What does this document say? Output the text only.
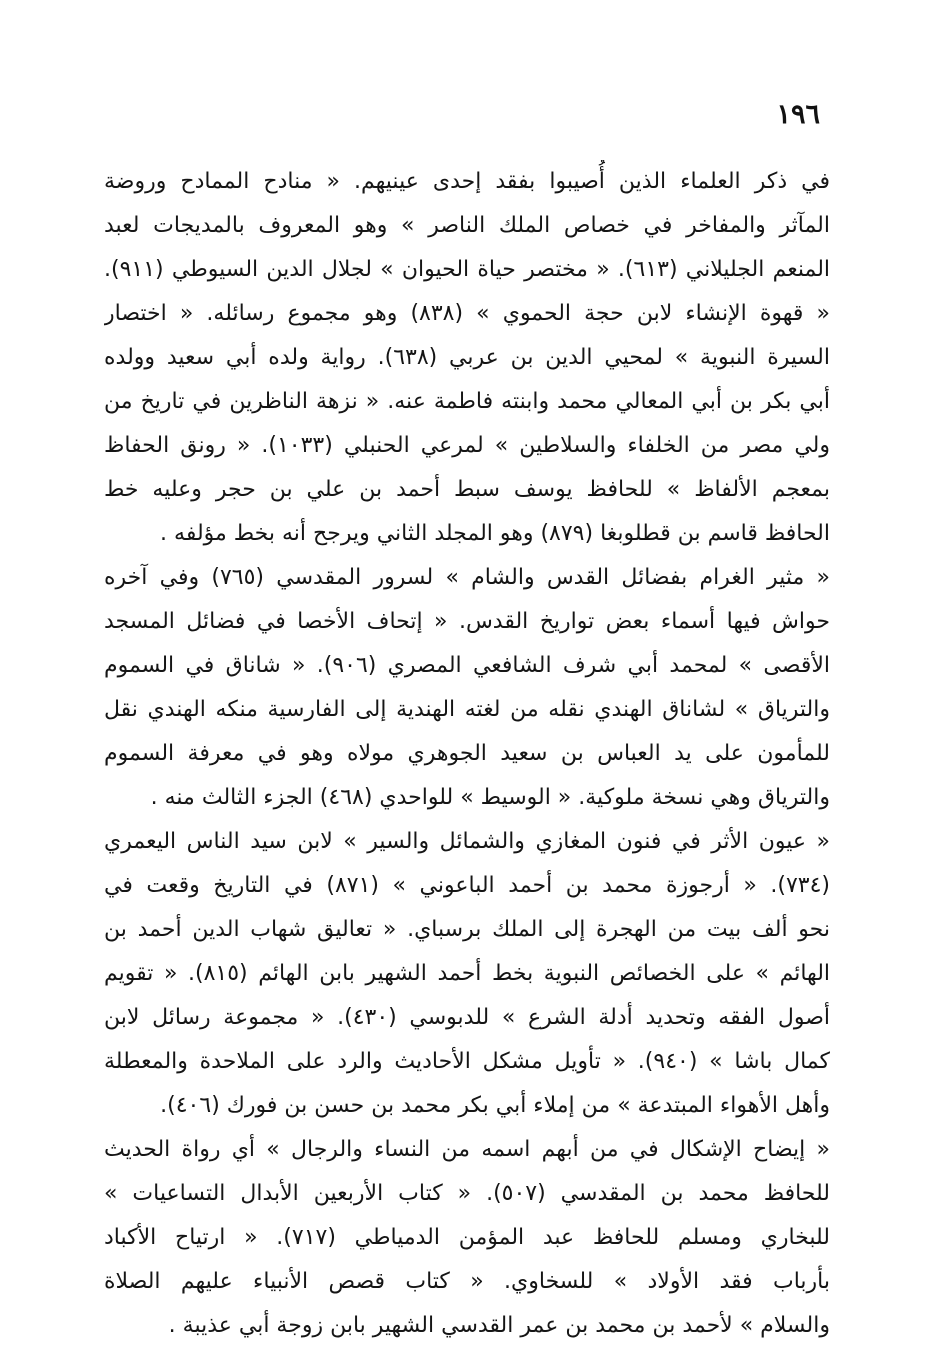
١٩٦
في ذكر العلماء الذين أُصيبوا بفقد إحدى عينيهم. « منادح الممادح وروضة
المآثر والمفاخر في خصاص الملك الناصر » وهو المعروف بالمديجات لعبد
المنعم الجليلاني (٦١٣). « مختصر حياة الحيوان » لجلال الدين السيوطي (٩١١).
« قهوة الإنشاء لابن حجة الحموي » (٨٣٨) وهو مجموع رسائله. « اختصار
السيرة النبوية » لمحيي الدين بن عربي (٦٣٨). رواية ولده أبي سعيد وولده
أبي بكر بن أبي المعالي محمد وابنته فاطمة عنه. « نزهة الناظرين في تاريخ من
ولي مصر من الخلفاء والسلاطين » لمرعي الحنبلي (١٠٣٣). « رونق الحفاظ
بمعجم الألفاظ » للحافظ يوسف سبط أحمد بن علي بن حجر وعليه خط
الحافظ قاسم بن قطلوبغا (٨٧٩) وهو المجلد الثاني ويرجح أنه بخط مؤلفه .
« مثير الغرام بفضائل القدس والشام » لسرور المقدسي (٧٦٥) وفي آخره
حواش فيها أسماء بعض تواريخ القدس. « إتحاف الأخصا في فضائل المسجد
الأقصى » لمحمد أبي شرف الشافعي المصري (٩٠٦). « شاناق في السموم
والترياق » لشاناق الهندي نقله من لغته الهندية إلى الفارسية منكه الهندي نقل
للمأمون على يد العباس بن سعيد الجوهري مولاه وهو في معرفة السموم
والترياق وهي نسخة ملوكية. « الوسيط » للواحدي (٤٦٨) الجزء الثالث منه .
« عيون الأثر في فنون المغازي والشمائل والسير » لابن سيد الناس اليعمري
(٧٣٤). « أرجوزة محمد بن أحمد الباعوني » (٨٧١) في التاريخ وقعت في
نحو ألف بيت من الهجرة إلى الملك برسباي. « تعاليق شهاب الدين أحمد بن
الهائم » على الخصائص النبوية بخط أحمد الشهير بابن الهائم (٨١٥). « تقويم
أصول الفقه وتحديد أدلة الشرع » للدبوسي (٤٣٠). « مجموعة رسائل لابن
كمال باشا » (٩٤٠). « تأويل مشكل الأحاديث والرد على الملاحدة والمعطلة
وأهل الأهواء المبتدعة » من إملاء أبي بكر محمد بن حسن بن فورك (٤٠٦).
« إيضاح الإشكال في من أبهم اسمه من النساء والرجال » أي رواة الحديث
للحافظ محمد بن المقدسي (٥٠٧). « كتاب الأربعين الأبدال التساعيات »
للبخاري ومسلم للحافظ عبد المؤمن الدمياطي (٧١٧). « ارتياح الأكباد
بأرباب فقد الأولاد » للسخاوي. « كتاب قصص الأنبياء عليهم الصلاة
والسلام » لأحمد بن محمد بن عمر القدسي الشهير بابن زوجة أبي عذيبة .
